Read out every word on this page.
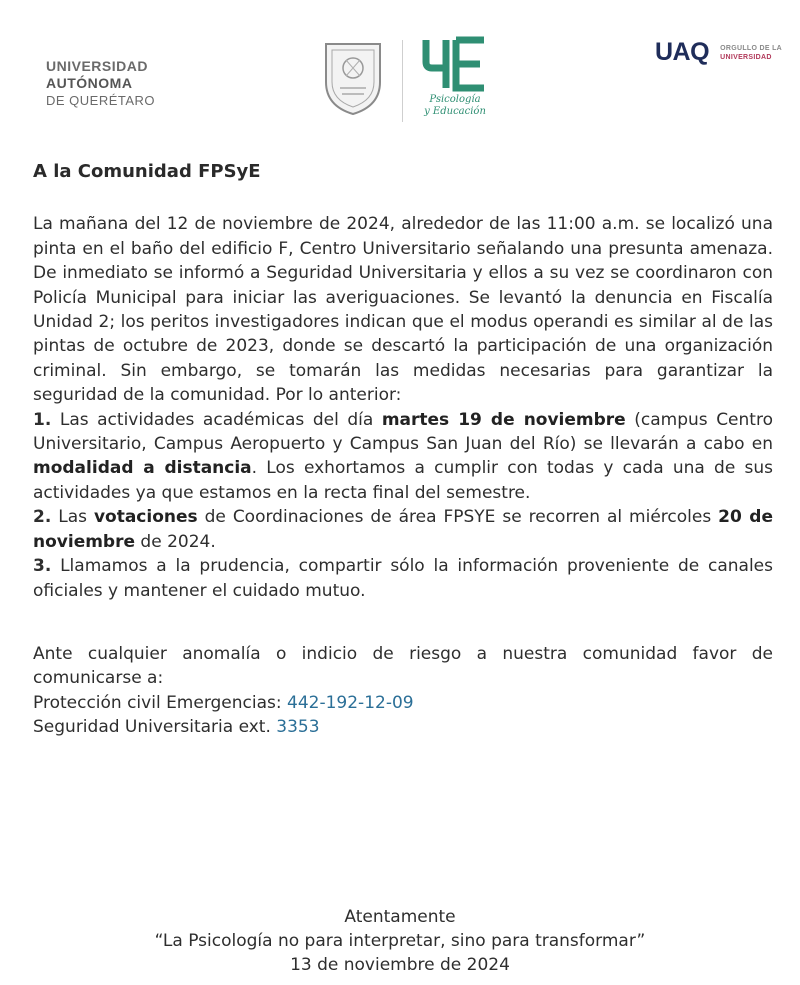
UNIVERSIDAD
AUTÓNOMA
DE QUERÉTARO	Psicología
y Educación
UAQ ORGULLO DE LA
UNIVERSIDAD
A la Comunidad FPSyE

La mañana del 12 de noviembre de 2024, alrededor de las 11:00 a.m. se localizó una pinta en el baño del edificio F, Centro Universitario señalando una presunta amenaza. De inmediato se informó a Seguridad Universitaria y ellos a su vez se coordinaron con Policía Municipal para iniciar las averiguaciones. Se levantó la denuncia en Fiscalía Unidad 2; los peritos investigadores indican que el modus operandi es similar al de las pintas de octubre de 2023, donde se descartó la participación de una organización criminal. Sin embargo, se tomarán las medidas necesarias para garantizar la seguridad de la comunidad. Por lo anterior:

1. Las actividades académicas del día martes 19 de noviembre (campus Centro Universitario, Campus Aeropuerto y Campus San Juan del Río) se llevarán a cabo en modalidad a distancia. Los exhortamos a cumplir con todas y cada una de sus actividades ya que estamos en la recta final del semestre.

2. Las votaciones de Coordinaciones de área FPSYE se recorren al miércoles 20 de noviembre de 2024.

3. Llamamos a la prudencia, compartir sólo la información proveniente de canales oficiales y mantener el cuidado mutuo.

Ante cualquier anomalía o indicio de riesgo a nuestra comunidad favor de comunicarse a:

Protección civil Emergencias: 442-192-12-09
Seguridad Universitaria ext. 3353
Atentamente
“La Psicología no para interpretar, sino para transformar”
13 de noviembre de 2024
